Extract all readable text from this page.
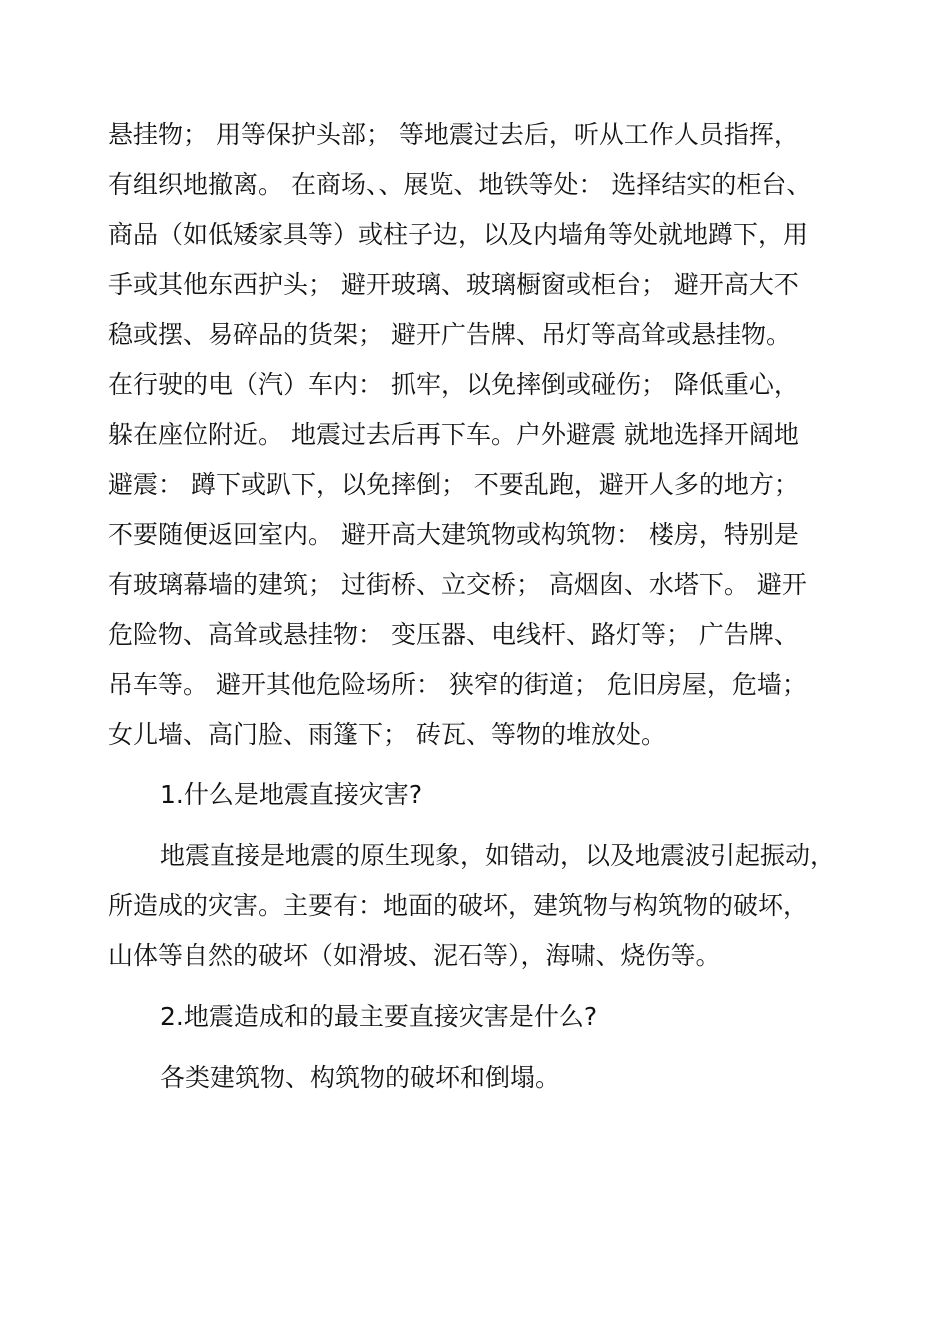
悬挂物； 用等保护头部； 等地震过去后，听从工作人员指挥，
有组织地撤离。 在商场、、展览、地铁等处： 选择结实的柜台、
商品（如低矮家具等）或柱子边，以及内墙角等处就地蹲下，用
手或其他东西护头； 避开玻璃、玻璃橱窗或柜台； 避开高大不
稳或摆、易碎品的货架； 避开广告牌、吊灯等高耸或悬挂物。
在行驶的电（汽）车内： 抓牢，以免摔倒或碰伤； 降低重心，
躲在座位附近。 地震过去后再下车。户外避震 就地选择开阔地
避震： 蹲下或趴下，以免摔倒； 不要乱跑，避开人多的地方；
不要随便返回室内。 避开高大建筑物或构筑物： 楼房，特别是
有玻璃幕墙的建筑； 过街桥、立交桥； 高烟囱、水塔下。 避开
危险物、高耸或悬挂物： 变压器、电线杆、路灯等； 广告牌、
吊车等。 避开其他危险场所： 狭窄的街道； 危旧房屋，危墙；
女儿墙、高门脸、雨篷下； 砖瓦、等物的堆放处。

1.什么是地震直接灾害?

地震直接是地震的原生现象，如错动，以及地震波引起振动，
所造成的灾害。主要有：地面的破坏，建筑物与构筑物的破坏，
山体等自然的破坏（如滑坡、泥石等），海啸、烧伤等。

2.地震造成和的最主要直接灾害是什么?

各类建筑物、构筑物的破坏和倒塌。
